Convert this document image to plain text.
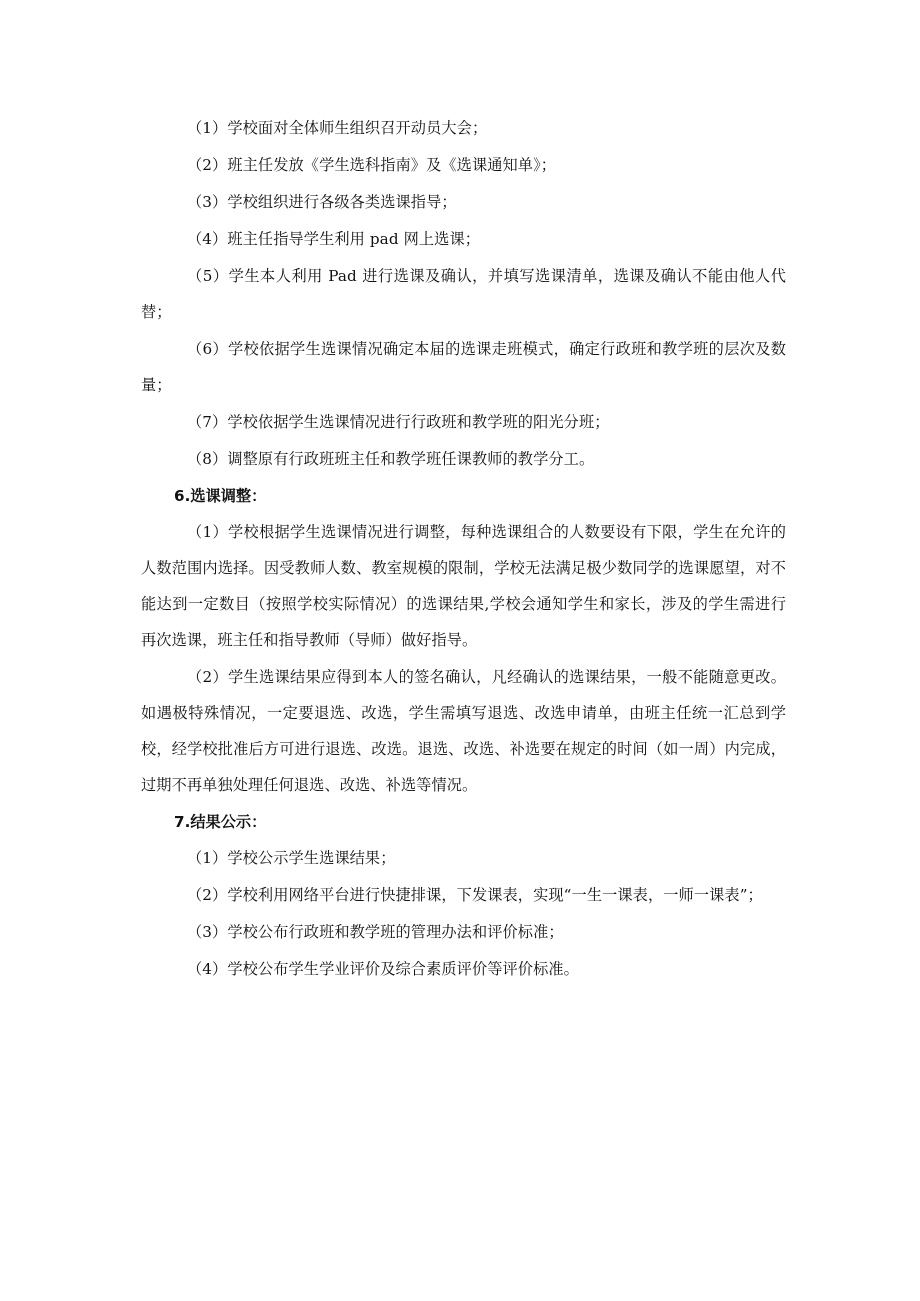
（1）学校面对全体师生组织召开动员大会；

（2）班主任发放《学生选科指南》及《选课通知单》；

（3）学校组织进行各级各类选课指导；

（4）班主任指导学生利用 pad 网上选课；

（5）学生本人利用 Pad 进行选课及确认，并填写选课清单，选课及确认不能由他人代替；

（6）学校依据学生选课情况确定本届的选课走班模式，确定行政班和教学班的层次及数量；

（7）学校依据学生选课情况进行行政班和教学班的阳光分班；

（8）调整原有行政班班主任和教学班任课教师的教学分工。

6.选课调整：

（1）学校根据学生选课情况进行调整，每种选课组合的人数要设有下限，学生在允许的人数范围内选择。因受教师人数、教室规模的限制，学校无法满足极少数同学的选课愿望，对不能达到一定数目（按照学校实际情况）的选课结果,学校会通知学生和家长，涉及的学生需进行再次选课，班主任和指导教师（导师）做好指导。

（2）学生选课结果应得到本人的签名确认，凡经确认的选课结果，一般不能随意更改。如遇极特殊情况，一定要退选、改选，学生需填写退选、改选申请单，由班主任统一汇总到学校，经学校批准后方可进行退选、改选。退选、改选、补选要在规定的时间（如一周）内完成，过期不再单独处理任何退选、改选、补选等情况。

7.结果公示：

（1）学校公示学生选课结果；

（2）学校利用网络平台进行快捷排课，下发课表，实现“一生一课表，一师一课表”；

（3）学校公布行政班和教学班的管理办法和评价标准；

（4）学校公布学生学业评价及综合素质评价等评价标准。
